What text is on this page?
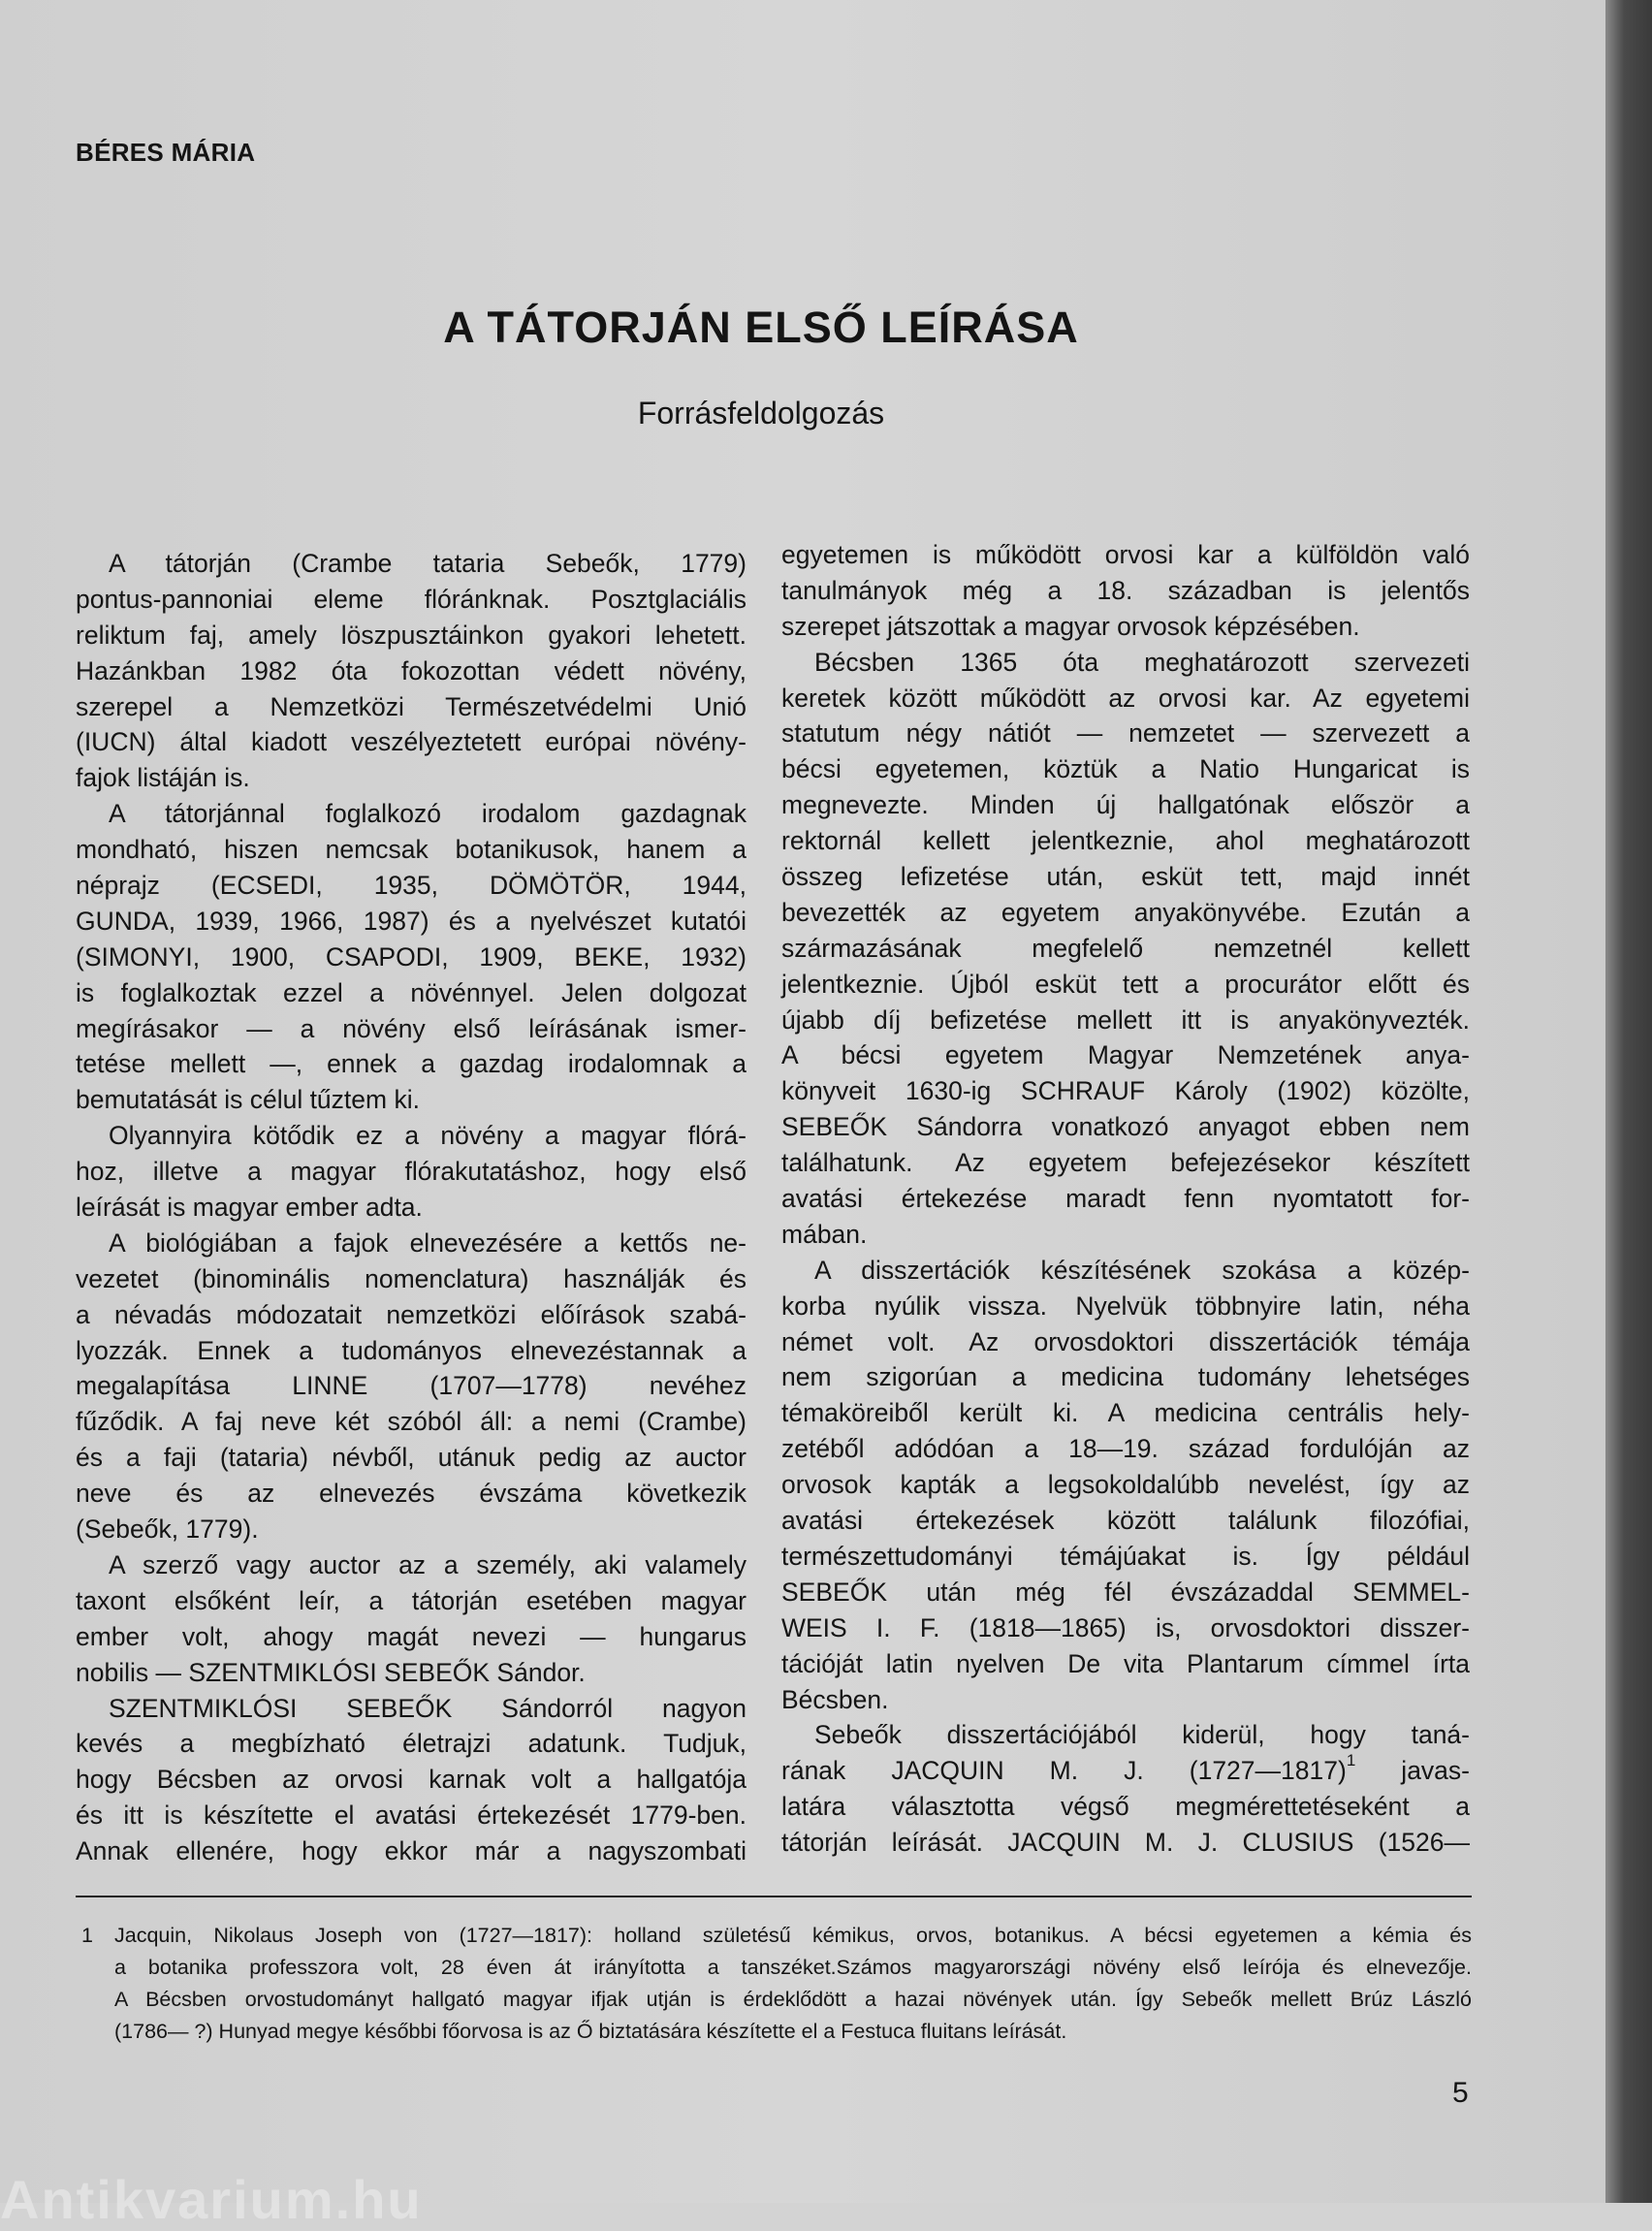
BÉRES MÁRIA
A TÁTORJÁN ELSŐ LEÍRÁSA
Forrásfeldolgozás
A tátorján (Crambe tataria Sebeők, 1779)
pontus-pannoniai eleme flóránknak. Posztglaciális
reliktum faj, amely löszpusztáinkon gyakori lehetett.
Hazánkban 1982 óta fokozottan védett növény,
szerepel a Nemzetközi Természetvédelmi Unió
(IUCN) által kiadott veszélyeztetett európai növény-
fajok listáján is.
A tátorjánnal foglalkozó irodalom gazdagnak
mondható, hiszen nemcsak botanikusok, hanem a
néprajz (ECSEDI, 1935, DÖMÖTÖR, 1944,
GUNDA, 1939, 1966, 1987) és a nyelvészet kutatói
(SIMONYI, 1900, CSAPODI, 1909, BEKE, 1932)
is foglalkoztak ezzel a növénnyel. Jelen dolgozat
megírásakor — a növény első leírásának ismer-
tetése mellett —, ennek a gazdag irodalomnak a
bemutatását is célul tűztem ki.
Olyannyira kötődik ez a növény a magyar flórá-
hoz, illetve a magyar flórakutatáshoz, hogy első
leírását is magyar ember adta.
A biológiában a fajok elnevezésére a kettős ne-
vezetet (binominális nomenclatura) használják és
a névadás módozatait nemzetközi előírások szabá-
lyozzák. Ennek a tudományos elnevezéstannak a
megalapítása LINNE (1707—1778) nevéhez
fűződik. A faj neve két szóból áll: a nemi (Crambe)
és a faji (tataria) névből, utánuk pedig az auctor
neve és az elnevezés évszáma következik
(Sebeők, 1779).
A szerző vagy auctor az a személy, aki valamely
taxont elsőként leír, a tátorján esetében magyar
ember volt, ahogy magát nevezi — hungarus
nobilis — SZENTMIKLÓSI SEBEŐK Sándor.
SZENTMIKLÓSI SEBEŐK Sándorról nagyon
kevés a megbízható életrajzi adatunk. Tudjuk,
hogy Bécsben az orvosi karnak volt a hallgatója
és itt is készítette el avatási értekezését 1779-ben.
Annak ellenére, hogy ekkor már a nagyszombati
egyetemen is működött orvosi kar a külföldön való
tanulmányok még a 18. században is jelentős
szerepet játszottak a magyar orvosok képzésében.
Bécsben 1365 óta meghatározott szervezeti
keretek között működött az orvosi kar. Az egyetemi
statutum négy nátiót — nemzetet — szervezett a
bécsi egyetemen, köztük a Natio Hungaricat is
megnevezte. Minden új hallgatónak először a
rektornál kellett jelentkeznie, ahol meghatározott
összeg lefizetése után, esküt tett, majd innét
bevezették az egyetem anyakönyvébe. Ezután a
származásának megfelelő nemzetnél kellett
jelentkeznie. Újból esküt tett a procurátor előtt és
újabb díj befizetése mellett itt is anyakönyvezték.
A bécsi egyetem Magyar Nemzetének anya-
könyveit 1630-ig SCHRAUF Károly (1902) közölte,
SEBEŐK Sándorra vonatkozó anyagot ebben nem
találhatunk. Az egyetem befejezésekor készített
avatási értekezése maradt fenn nyomtatott for-
mában.
A disszertációk készítésének szokása a közép-
korba nyúlik vissza. Nyelvük többnyire latin, néha
német volt. Az orvosdoktori disszertációk témája
nem szigorúan a medicina tudomány lehetséges
témaköreiből került ki. A medicina centrális hely-
zetéből adódóan a 18—19. század fordulóján az
orvosok kapták a legsokoldalúbb nevelést, így az
avatási értekezések között találunk filozófiai,
természettudományi témájúakat is. Így például
SEBEŐK után még fél évszázaddal SEMMEL-
WEIS I. F. (1818—1865) is, orvosdoktori disszer-
tációját latin nyelven De vita Plantarum címmel írta
Bécsben.
Sebeők disszertációjából kiderül, hogy taná-
rának JACQUIN M. J. (1727—1817)$^1$ javas-
latára választotta végső megmérettetéseként a
tátorján leírását. JACQUIN M. J. CLUSIUS (1526—
1 Jacquin, Nikolaus Joseph von (1727—1817): holland születésű kémikus, orvos, botanikus. A bécsi egyetemen a kémia és
a botanika professzora volt, 28 éven át irányította a tanszéket.Számos magyarországi növény első leírója és elnevezője.
A Bécsben orvostudományt hallgató magyar ifjak utján is érdeklődött a hazai növények után. Így Sebeők mellett Brúz László
(1786— ?) Hunyad megye későbbi főorvosa is az Ő biztatására készítette el a Festuca fluitans leírását.
5
Antikvarium.hu
